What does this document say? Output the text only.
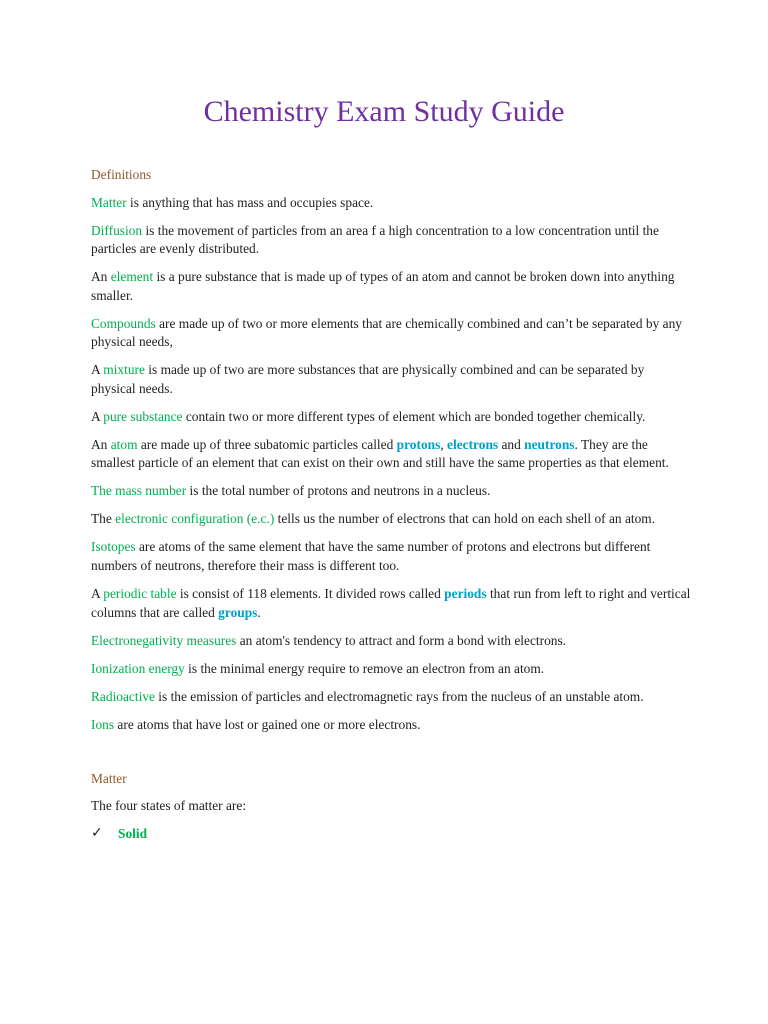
Chemistry Exam Study Guide

Definitions

Matter is anything that has mass and occupies space.

Diffusion is the movement of particles from an area f a high concentration to a low concentration until the particles are evenly distributed.

An element is a pure substance that is made up of types of an atom and cannot be broken down into anything smaller.

Compounds are made up of two or more elements that are chemically combined and can’t be separated by any physical needs,

A mixture is made up of two are more substances that are physically combined and can be separated by physical needs.

A pure substance contain two or more different types of element which are bonded together chemically.

An atom are made up of three subatomic particles called protons, electrons and neutrons. They are the smallest particle of an element that can exist on their own and still have the same properties as that element.

The mass number is the total number of protons and neutrons in a nucleus.

The electronic configuration (e.c.) tells us the number of electrons that can hold on each shell of an atom.

Isotopes are atoms of the same element that have the same number of protons and electrons but different numbers of neutrons, therefore their mass is different too.

A periodic table is consist of 118 elements. It divided rows called periods that run from left to right and vertical columns that are called groups.

Electronegativity measures an atom's tendency to attract and form a bond with electrons.

Ionization energy is the minimal energy require to remove an electron from an atom.

Radioactive is the emission of particles and electromagnetic rays from the nucleus of an unstable atom.

Ions are atoms that have lost or gained one or more electrons.

Matter

The four states of matter are:

✓ Solid
